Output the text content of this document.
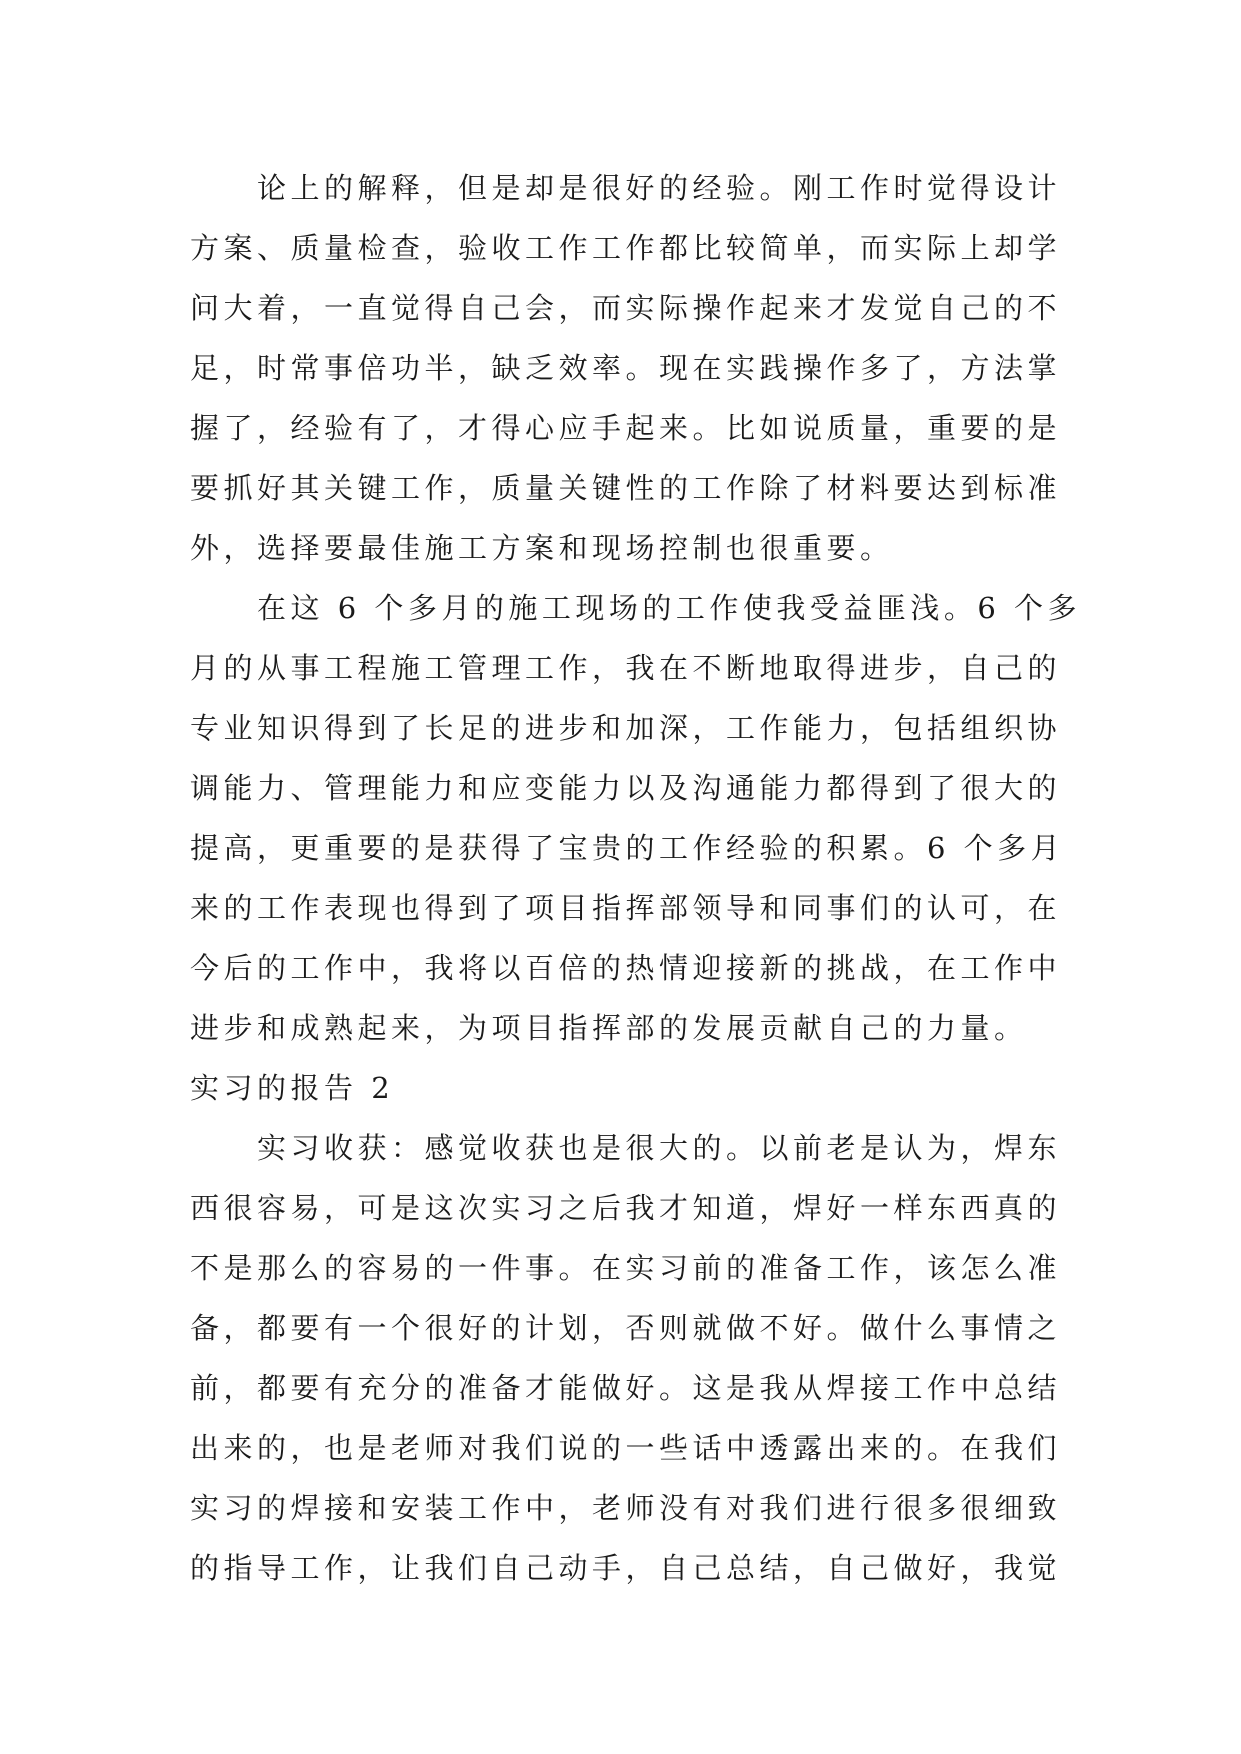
论上的解释，但是却是很好的经验。刚工作时觉得设计
方案、质量检查，验收工作工作都比较简单，而实际上却学
问大着，一直觉得自己会，而实际操作起来才发觉自己的不
足，时常事倍功半，缺乏效率。现在实践操作多了，方法掌
握了，经验有了，才得心应手起来。比如说质量，重要的是
要抓好其关键工作，质量关键性的工作除了材料要达到标准
外，选择要最佳施工方案和现场控制也很重要。
在这 6 个多月的施工现场的工作使我受益匪浅。6 个多
月的从事工程施工管理工作，我在不断地取得进步，自己的
专业知识得到了长足的进步和加深，工作能力，包括组织协
调能力、管理能力和应变能力以及沟通能力都得到了很大的
提高，更重要的是获得了宝贵的工作经验的积累。6 个多月
来的工作表现也得到了项目指挥部领导和同事们的认可，在
今后的工作中，我将以百倍的热情迎接新的挑战，在工作中
进步和成熟起来，为项目指挥部的发展贡献自己的力量。
实习的报告 2
实习收获：感觉收获也是很大的。以前老是认为，焊东
西很容易，可是这次实习之后我才知道，焊好一样东西真的
不是那么的容易的一件事。在实习前的准备工作，该怎么准
备，都要有一个很好的计划，否则就做不好。做什么事情之
前，都要有充分的准备才能做好。这是我从焊接工作中总结
出来的，也是老师对我们说的一些话中透露出来的。在我们
实习的焊接和安装工作中，老师没有对我们进行很多很细致
的指导工作，让我们自己动手，自己总结，自己做好，我觉
